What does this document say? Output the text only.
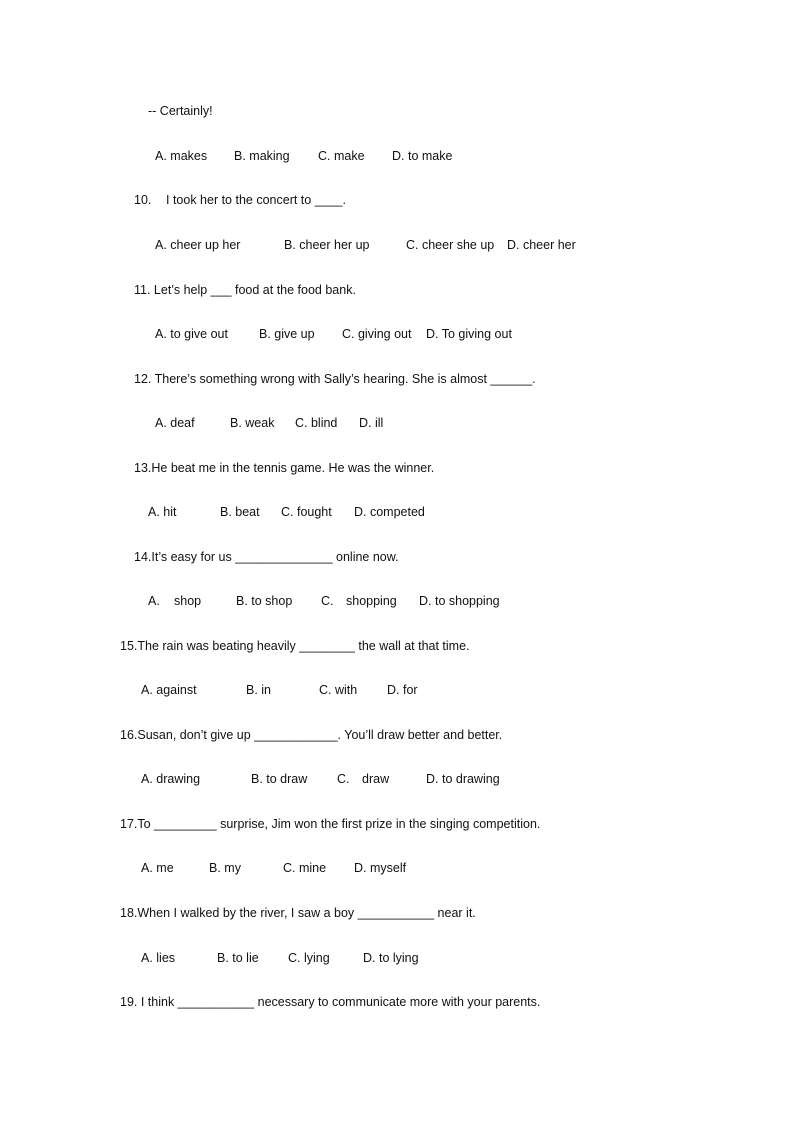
-- Certainly!
A. makes B. making C. make D. to make
10. I took her to the concert to ____.
A. cheer up her	B. cheer her up	C. cheer she up D. cheer her
11. Let’s help ___ food at the food bank.
A. to give out B. give up C. giving out D. To giving out
12. There’s something wrong with Sally’s hearing. She is almost ______.
A. deaf	B. weak C. blind D. ill
13.He beat me in the tennis game. He was the winner.
A. hit	B. beat C. fought D. competed
14.It’s easy for us ______________ online now.
A. shop	B. to shop C. shopping D. to shopping
15.The rain was beating heavily ________ the wall at that time.
A. against	B. in	C. with D. for
16.Susan, don’t give up ____________. You’ll draw better and better.
A. drawing	B. to draw C. draw	D. to drawing
17.To _________ surprise, Jim won the first prize in the singing competition.
A. me	B. my	C. mine D. myself
18.When I walked by the river, I saw a boy ___________ near it.
A. lies	B. to lie C. lying	D. to lying
19. I think ___________ necessary to communicate more with your parents.
